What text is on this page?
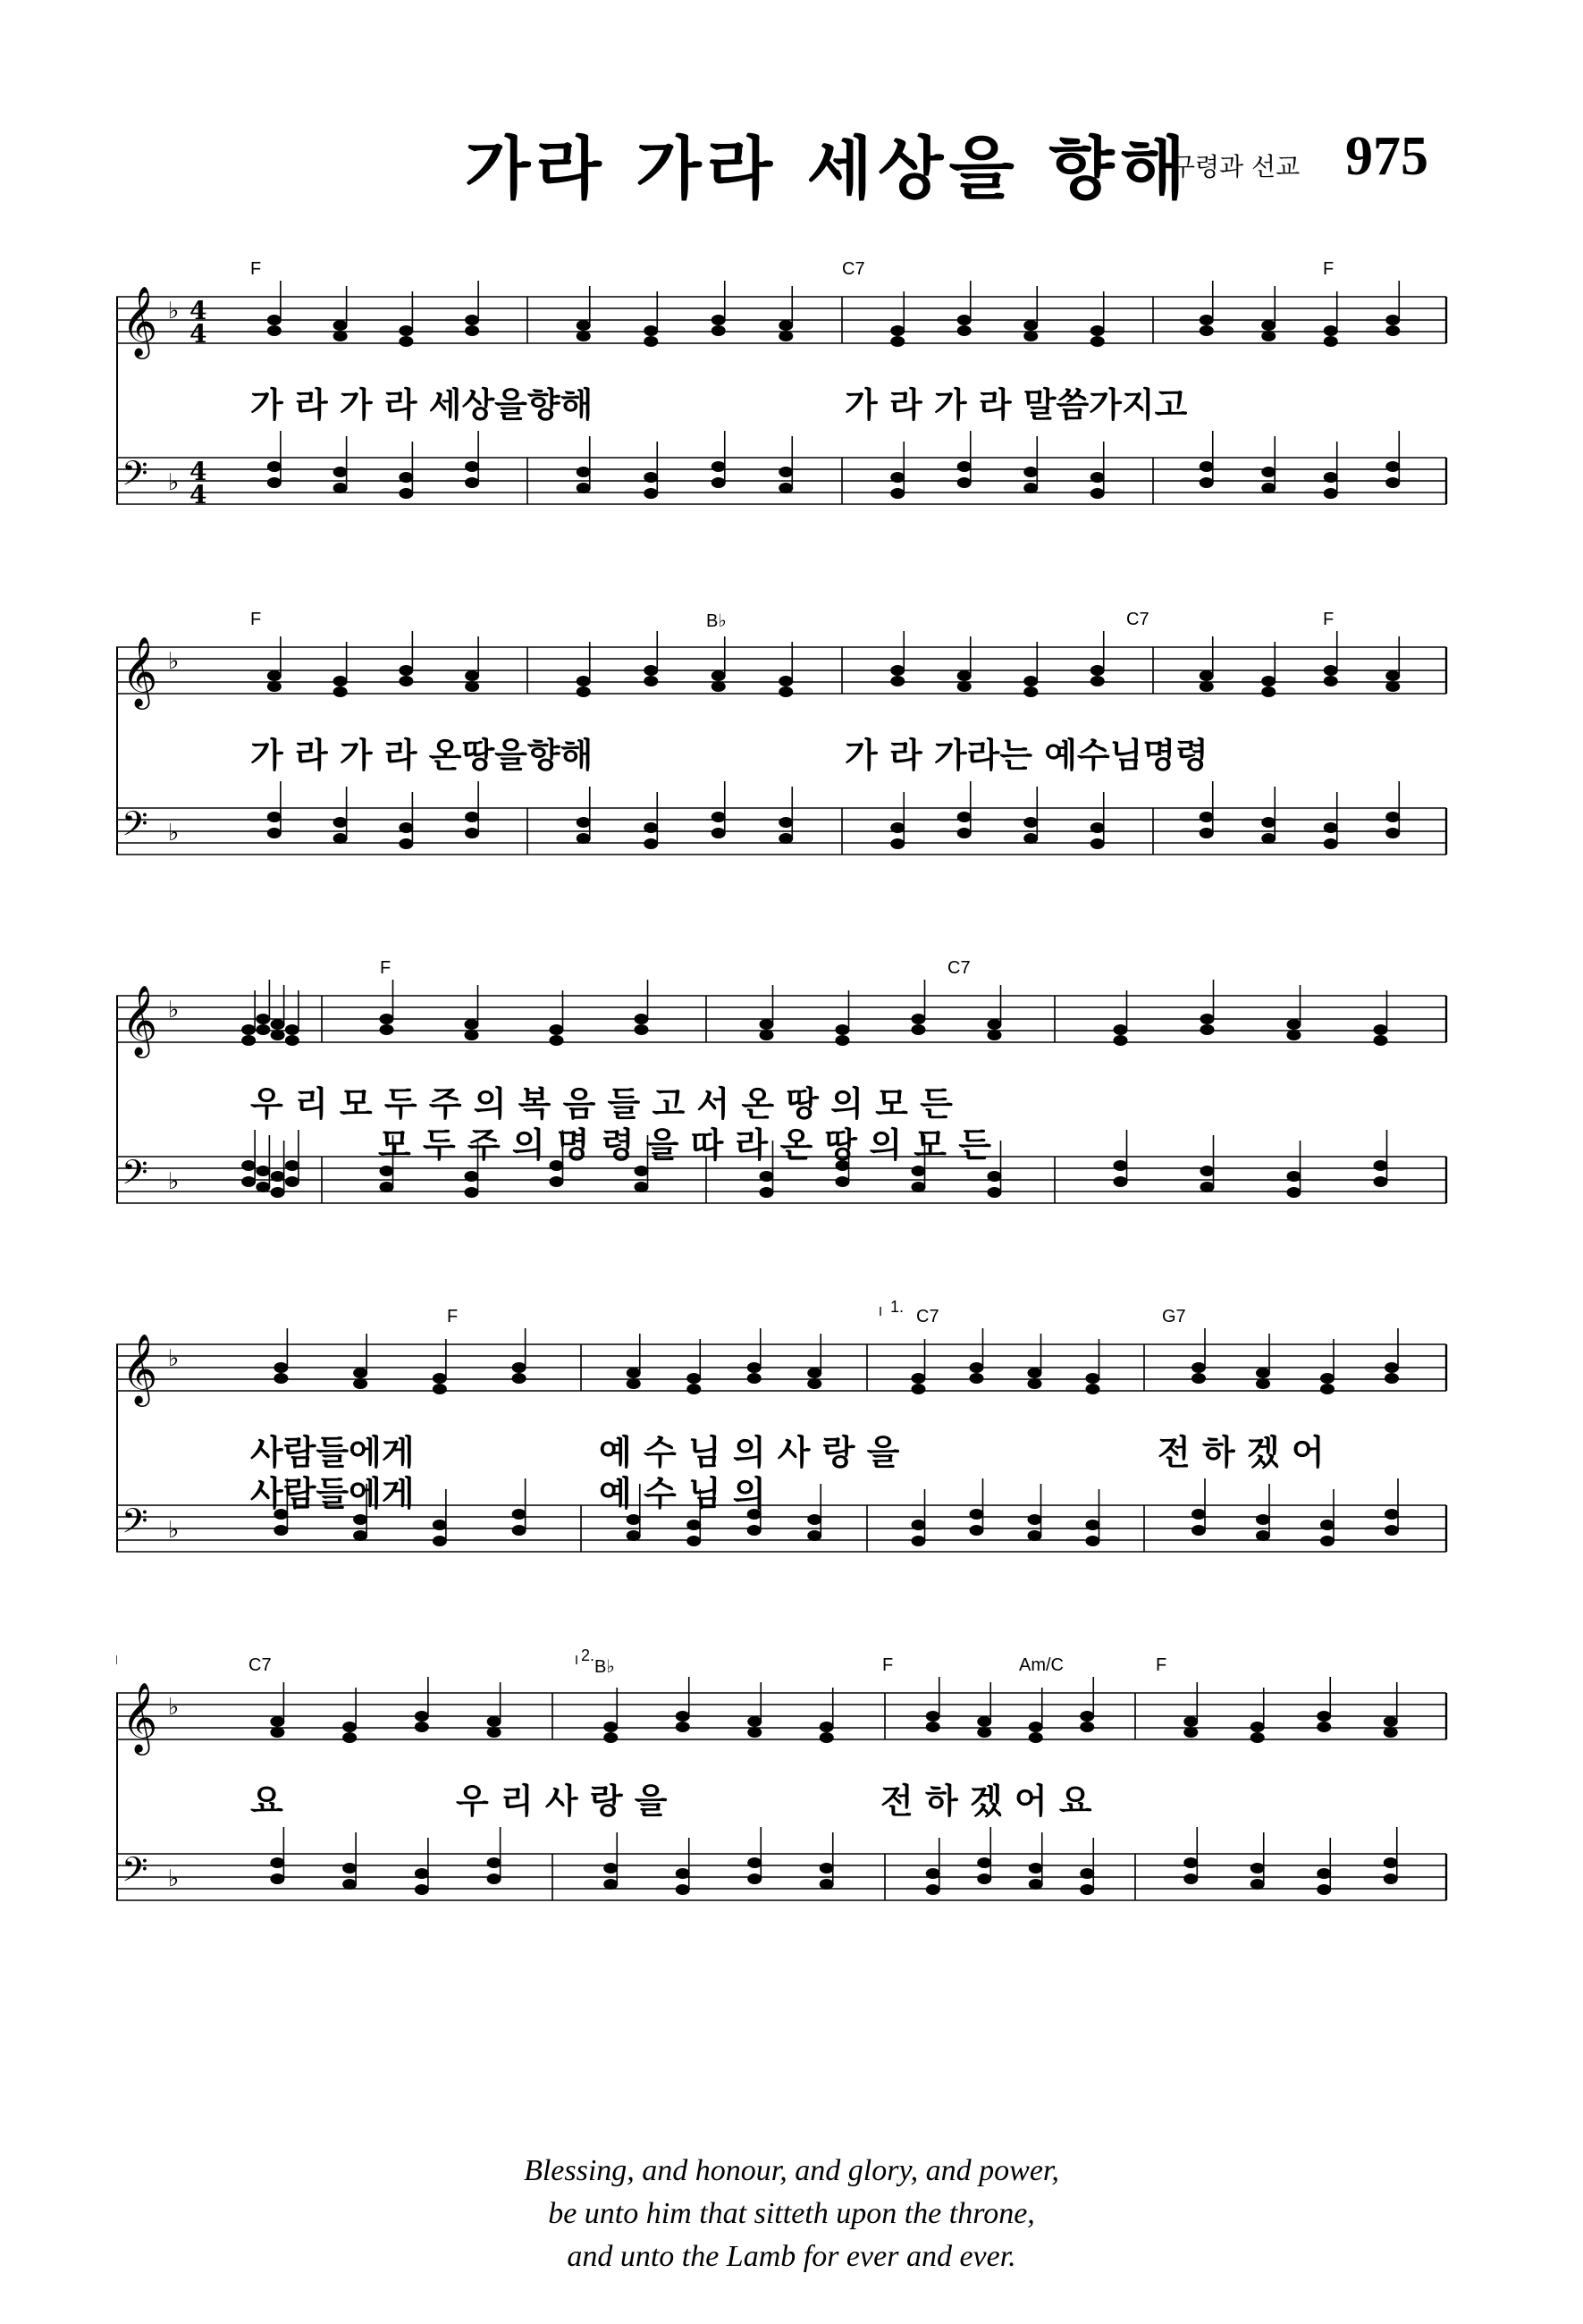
가라 가라 세상을 향해
구령과 선교 975
𝄞 ♭ 4
4
𝄢 ♭ 4
4
F	C7	F
가 라 가 라 세상을향해	가 라 가 라 말씀가지고
𝄞 ♭
𝄢 ♭
F	B♭	C7	F
가 라 가 라 온땅을향해	가 라 가라는 예수님명령
𝄞 ♭
𝄢 ♭
F	C7
우 리 모 두 주 의 복 음 들 고 서 온 땅 의 모 든
모 두 주 의 명 령 을 따 라 온 땅 의 모 든
𝄞 ♭
𝄢 ♭
F	C7	G7
1.
사람들에게	예 수 님 의 사 랑 을	전 하 겠 어
사람들에게	예 수 님 의
𝄞 ♭
𝄢 ♭
C7	B♭	F	Am/C	F
2.
요	우 리 사 랑 을	전 하 겠 어 요
Blessing, and honour, and glory, and power,
be unto him that sitteth upon the throne,
and unto the Lamb for ever and ever.
